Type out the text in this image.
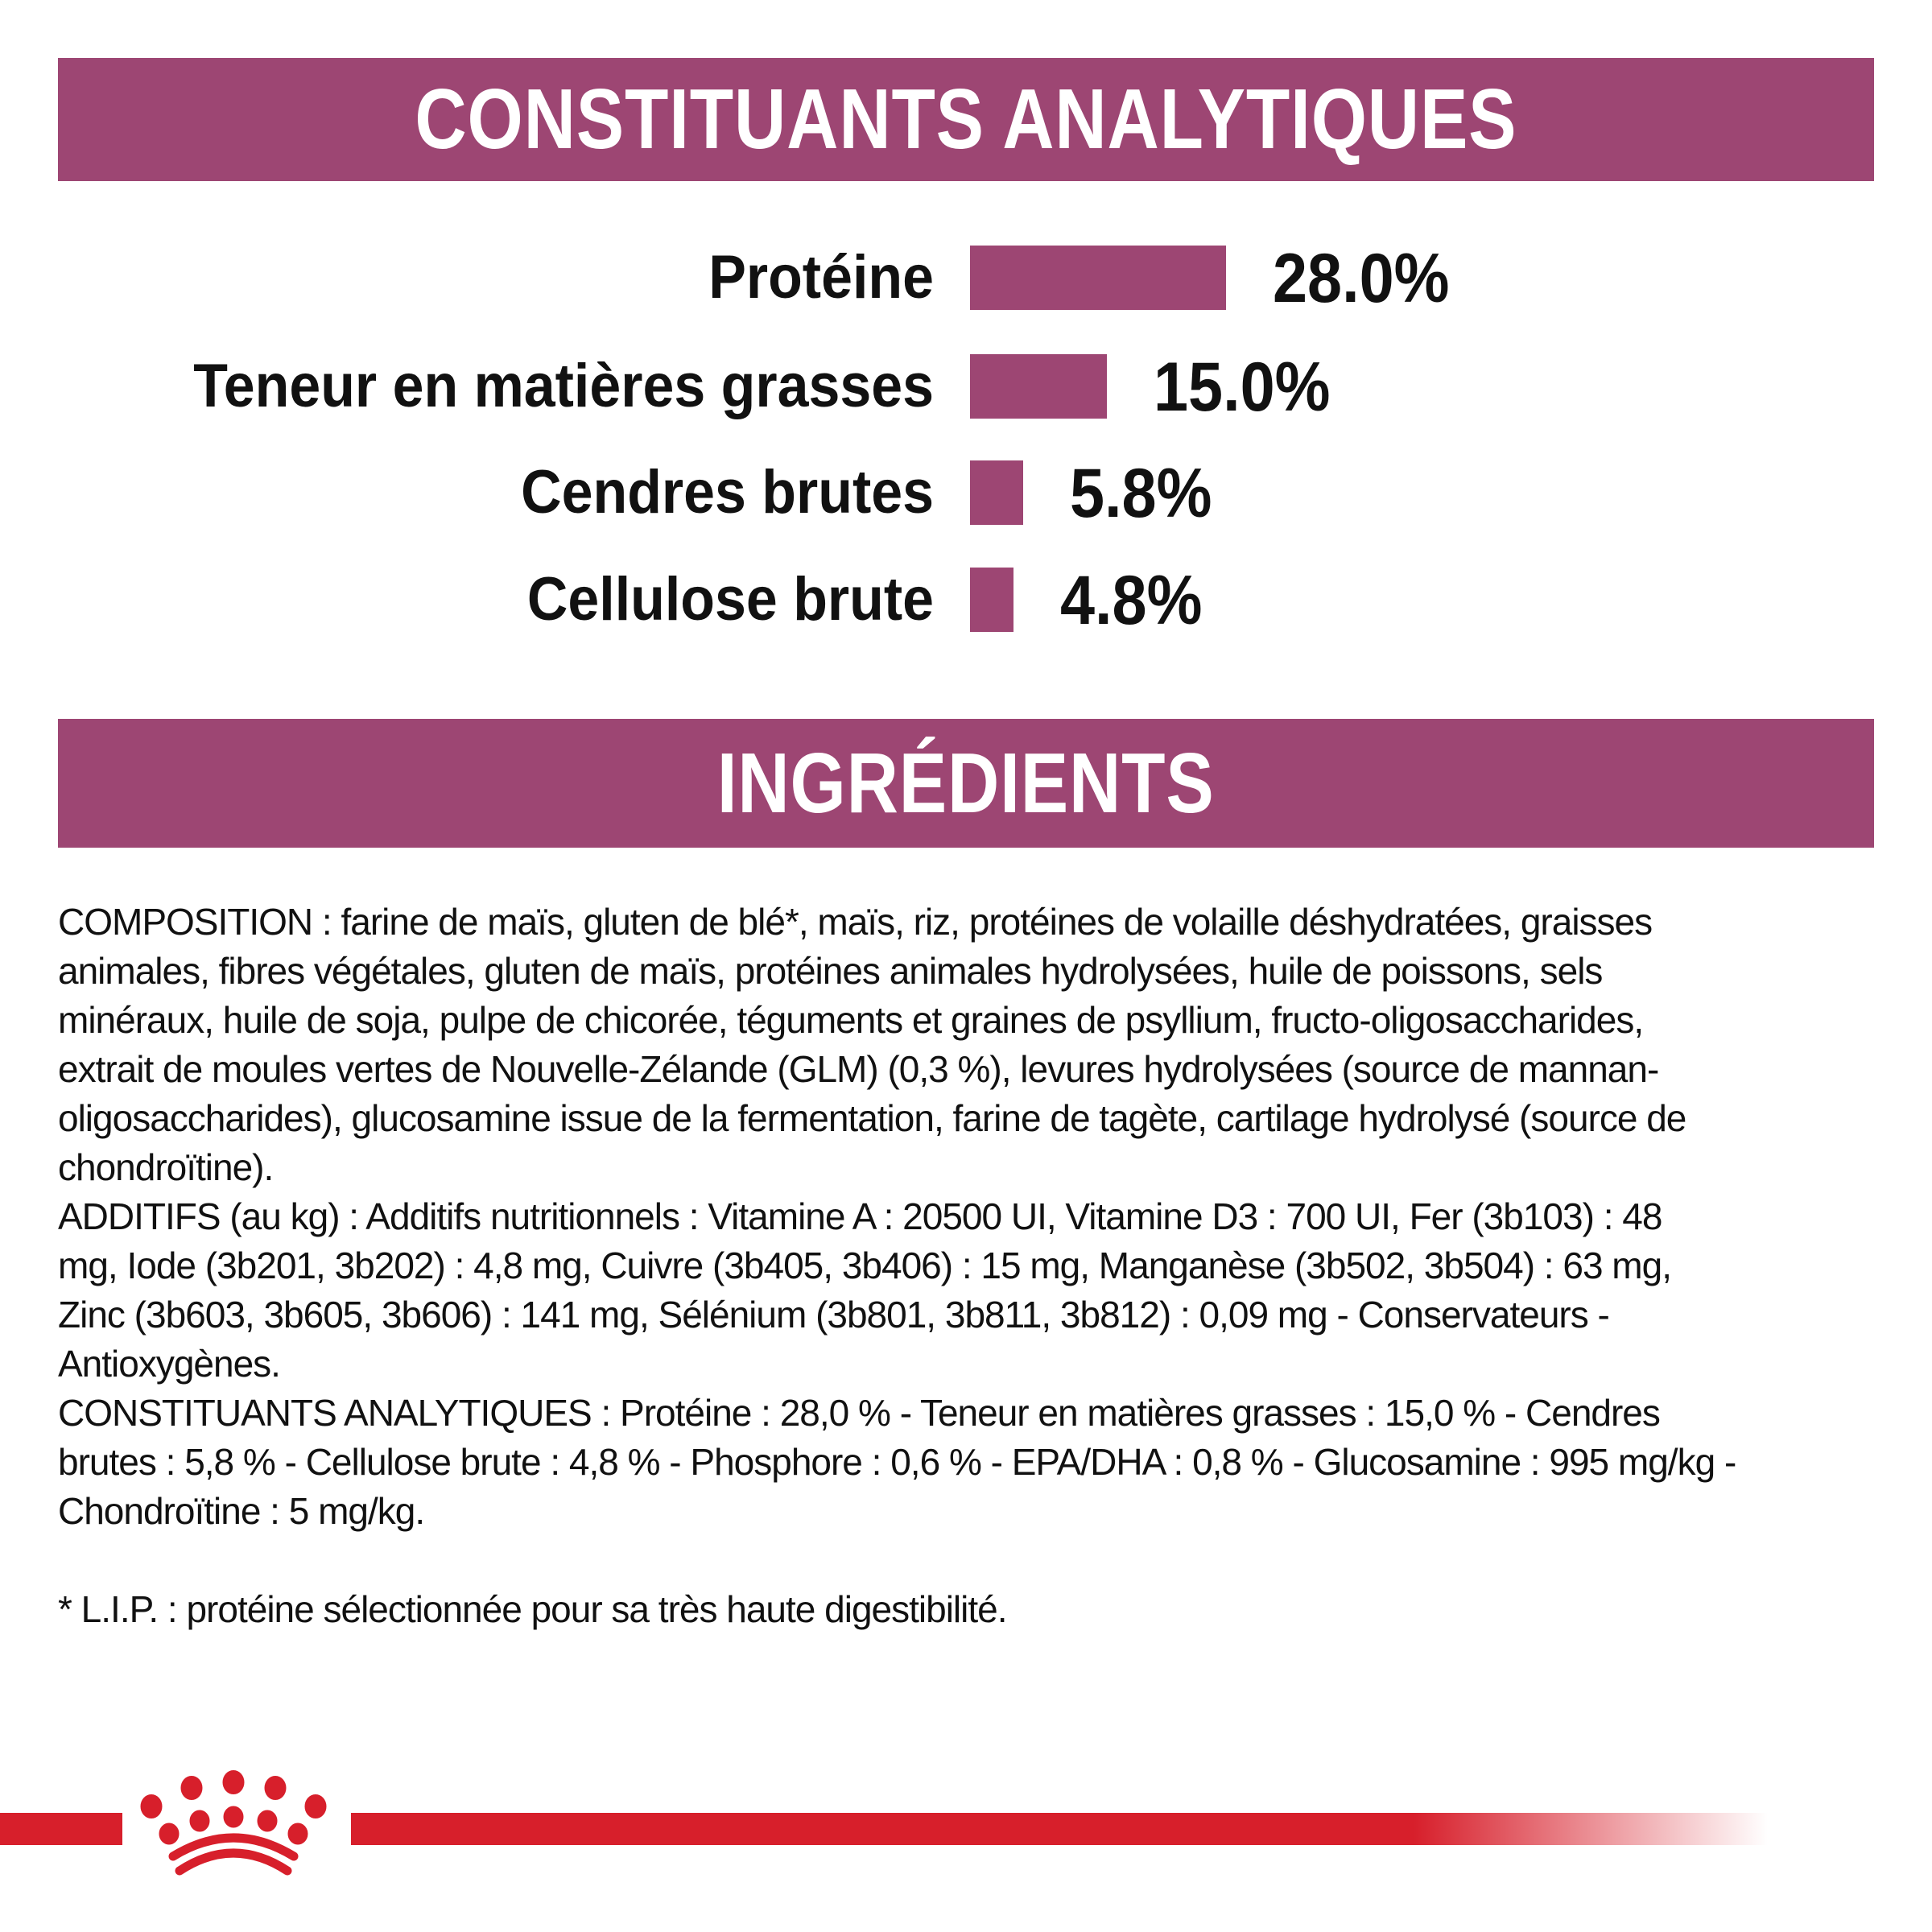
CONSTITUANTS ANALYTIQUES
Protéine	28.0%
Teneur en matières grasses	15.0%
Cendres brutes 5.8%
Cellulose brute 4.8%
INGRÉDIENTS
COMPOSITION : farine de maïs, gluten de blé*, maïs, riz, protéines de volaille déshydratées, graisses
animales, fibres végétales, gluten de maïs, protéines animales hydrolysées, huile de poissons, sels
minéraux, huile de soja, pulpe de chicorée, téguments et graines de psyllium, fructo-oligosaccharides,
extrait de moules vertes de Nouvelle-Zélande (GLM) (0,3 %), levures hydrolysées (source de mannan-
oligosaccharides), glucosamine issue de la fermentation, farine de tagète, cartilage hydrolysé (source de
chondroïtine).
ADDITIFS (au kg) : Additifs nutritionnels : Vitamine A : 20500 UI, Vitamine D3 : 700 UI, Fer (3b103) : 48
mg, Iode (3b201, 3b202) : 4,8 mg, Cuivre (3b405, 3b406) : 15 mg, Manganèse (3b502, 3b504) : 63 mg,
Zinc (3b603, 3b605, 3b606) : 141 mg, Sélénium (3b801, 3b811, 3b812) : 0,09 mg - Conservateurs -
Antioxygènes.
CONSTITUANTS ANALYTIQUES : Protéine : 28,0 % - Teneur en matières grasses : 15,0 % - Cendres
brutes : 5,8 % - Cellulose brute : 4,8 % - Phosphore : 0,6 % - EPA/DHA : 0,8 % - Glucosamine : 995 mg/kg -
Chondroïtine : 5 mg/kg.
* L.I.P. : protéine sélectionnée pour sa très haute digestibilité.
